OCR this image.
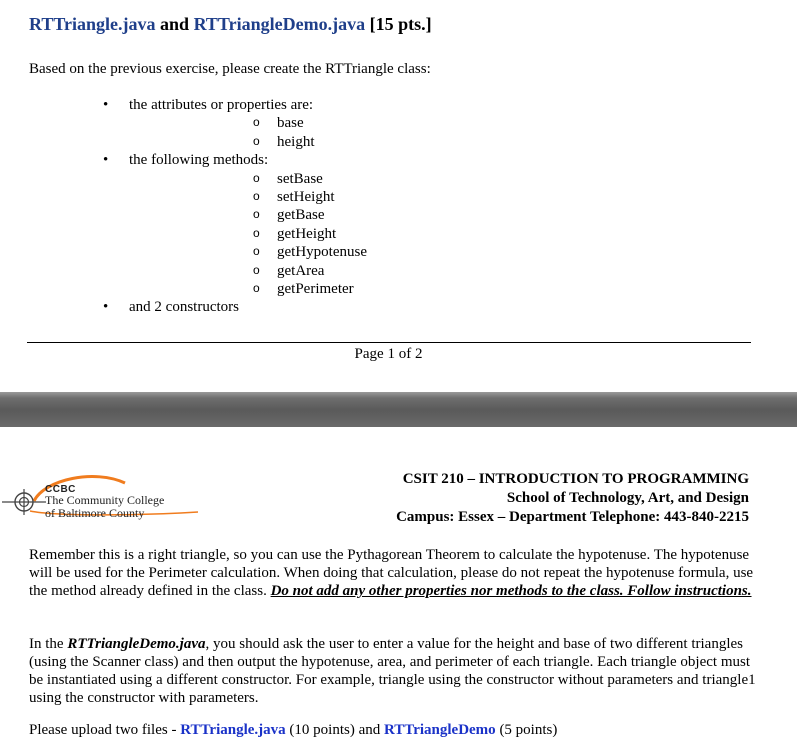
RTTriangle.java and RTTriangleDemo.java [15 pts.]
Based on the previous exercise, please create the RTTriangle class:
• the attributes or properties are:
o base
o height
• the following methods:
o setBase
o setHeight
o getBase
o getHeight
o getHypotenuse
o getArea
o getPerimeter
• and 2 constructors
Page 1 of 2
CCBC
The Community College
of Baltimore County
CSIT 210 – INTRODUCTION TO PROGRAMMING
School of Technology, Art, and Design
Campus: Essex – Department Telephone: 443-840-2215
Remember this is a right triangle, so you can use the Pythagorean Theorem to calculate the hypotenuse. The hypotenuse will be used for the Perimeter calculation. When doing that calculation, please do not repeat the hypotenuse formula, use the method already defined in the class. Do not add any other properties nor methods to the class. Follow instructions.
In the RTTriangleDemo.java, you should ask the user to enter a value for the height and base of two different triangles (using the Scanner class) and then output the hypotenuse, area, and perimeter of each triangle. Each triangle object must be instantiated using a different constructor. For example, triangle using the constructor without parameters and triangle1 using the constructor with parameters.
Please upload two files - RTTriangle.java (10 points) and RTTriangleDemo (5 points)
